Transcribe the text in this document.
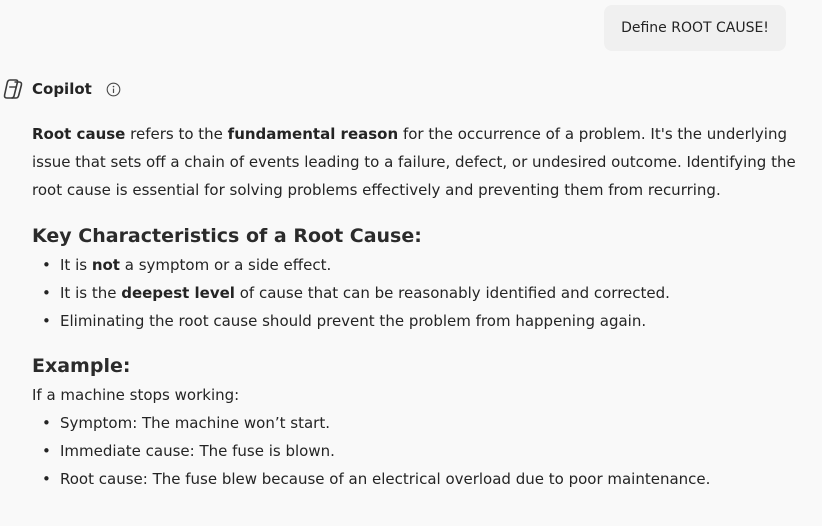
Define ROOT CAUSE!
Copilot

Root cause refers to the fundamental reason for the occurrence of a problem. It's the underlying issue that sets off a chain of events leading to a failure, defect, or undesired outcome. Identifying the root cause is essential for solving problems effectively and preventing them from recurring.

Key Characteristics of a Root Cause:
• It is not a symptom or a side effect.
• It is the deepest level of cause that can be reasonably identified and corrected.
• Eliminating the root cause should prevent the problem from happening again.
Example:

If a machine stops working:

• Symptom: The machine won’t start.
• Immediate cause: The fuse is blown.
• Root cause: The fuse blew because of an electrical overload due to poor maintenance.
